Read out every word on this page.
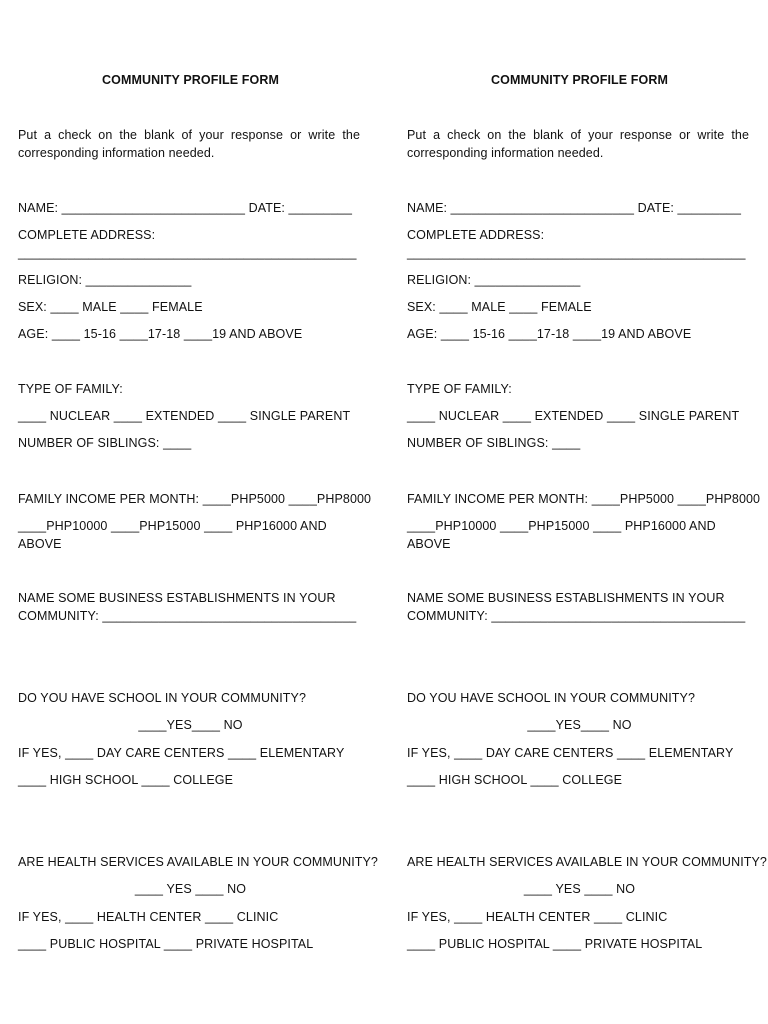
COMMUNITY PROFILE FORM
Put a check on the blank of your response or write the corresponding information needed.
NAME: __________________________ DATE: _________
COMPLETE ADDRESS:
________________________________________________
RELIGION: _______________
SEX: ____ MALE ____ FEMALE
AGE: ____ 15-16 ____17-18 ____19 AND ABOVE
TYPE OF FAMILY:
____ NUCLEAR ____ EXTENDED ____ SINGLE PARENT
NUMBER OF SIBLINGS: ____
FAMILY INCOME PER MONTH: ____PHP5000 ____PHP8000
____PHP10000 ____PHP15000 ____ PHP16000 AND ABOVE
NAME SOME BUSINESS ESTABLISHMENTS IN YOUR COMMUNITY: ____________________________________
DO YOU HAVE SCHOOL IN YOUR COMMUNITY?
____YES____ NO
IF YES, ____ DAY CARE CENTERS ____ ELEMENTARY
____ HIGH SCHOOL ____ COLLEGE
ARE HEALTH SERVICES AVAILABLE IN YOUR COMMUNITY?
____ YES ____ NO
IF YES, ____ HEALTH CENTER ____ CLINIC
____ PUBLIC HOSPITAL ____ PRIVATE HOSPITAL
COMMUNITY PROFILE FORM
Put a check on the blank of your response or write the corresponding information needed.
NAME: __________________________ DATE: _________
COMPLETE ADDRESS:
________________________________________________
RELIGION: _______________
SEX: ____ MALE ____ FEMALE
AGE: ____ 15-16 ____17-18 ____19 AND ABOVE
TYPE OF FAMILY:
____ NUCLEAR ____ EXTENDED ____ SINGLE PARENT
NUMBER OF SIBLINGS: ____
FAMILY INCOME PER MONTH: ____PHP5000 ____PHP8000
____PHP10000 ____PHP15000 ____ PHP16000 AND ABOVE
NAME SOME BUSINESS ESTABLISHMENTS IN YOUR COMMUNITY: ____________________________________
DO YOU HAVE SCHOOL IN YOUR COMMUNITY?
____YES____ NO
IF YES, ____ DAY CARE CENTERS ____ ELEMENTARY
____ HIGH SCHOOL ____ COLLEGE
ARE HEALTH SERVICES AVAILABLE IN YOUR COMMUNITY?
____ YES ____ NO
IF YES, ____ HEALTH CENTER ____ CLINIC
____ PUBLIC HOSPITAL ____ PRIVATE HOSPITAL
